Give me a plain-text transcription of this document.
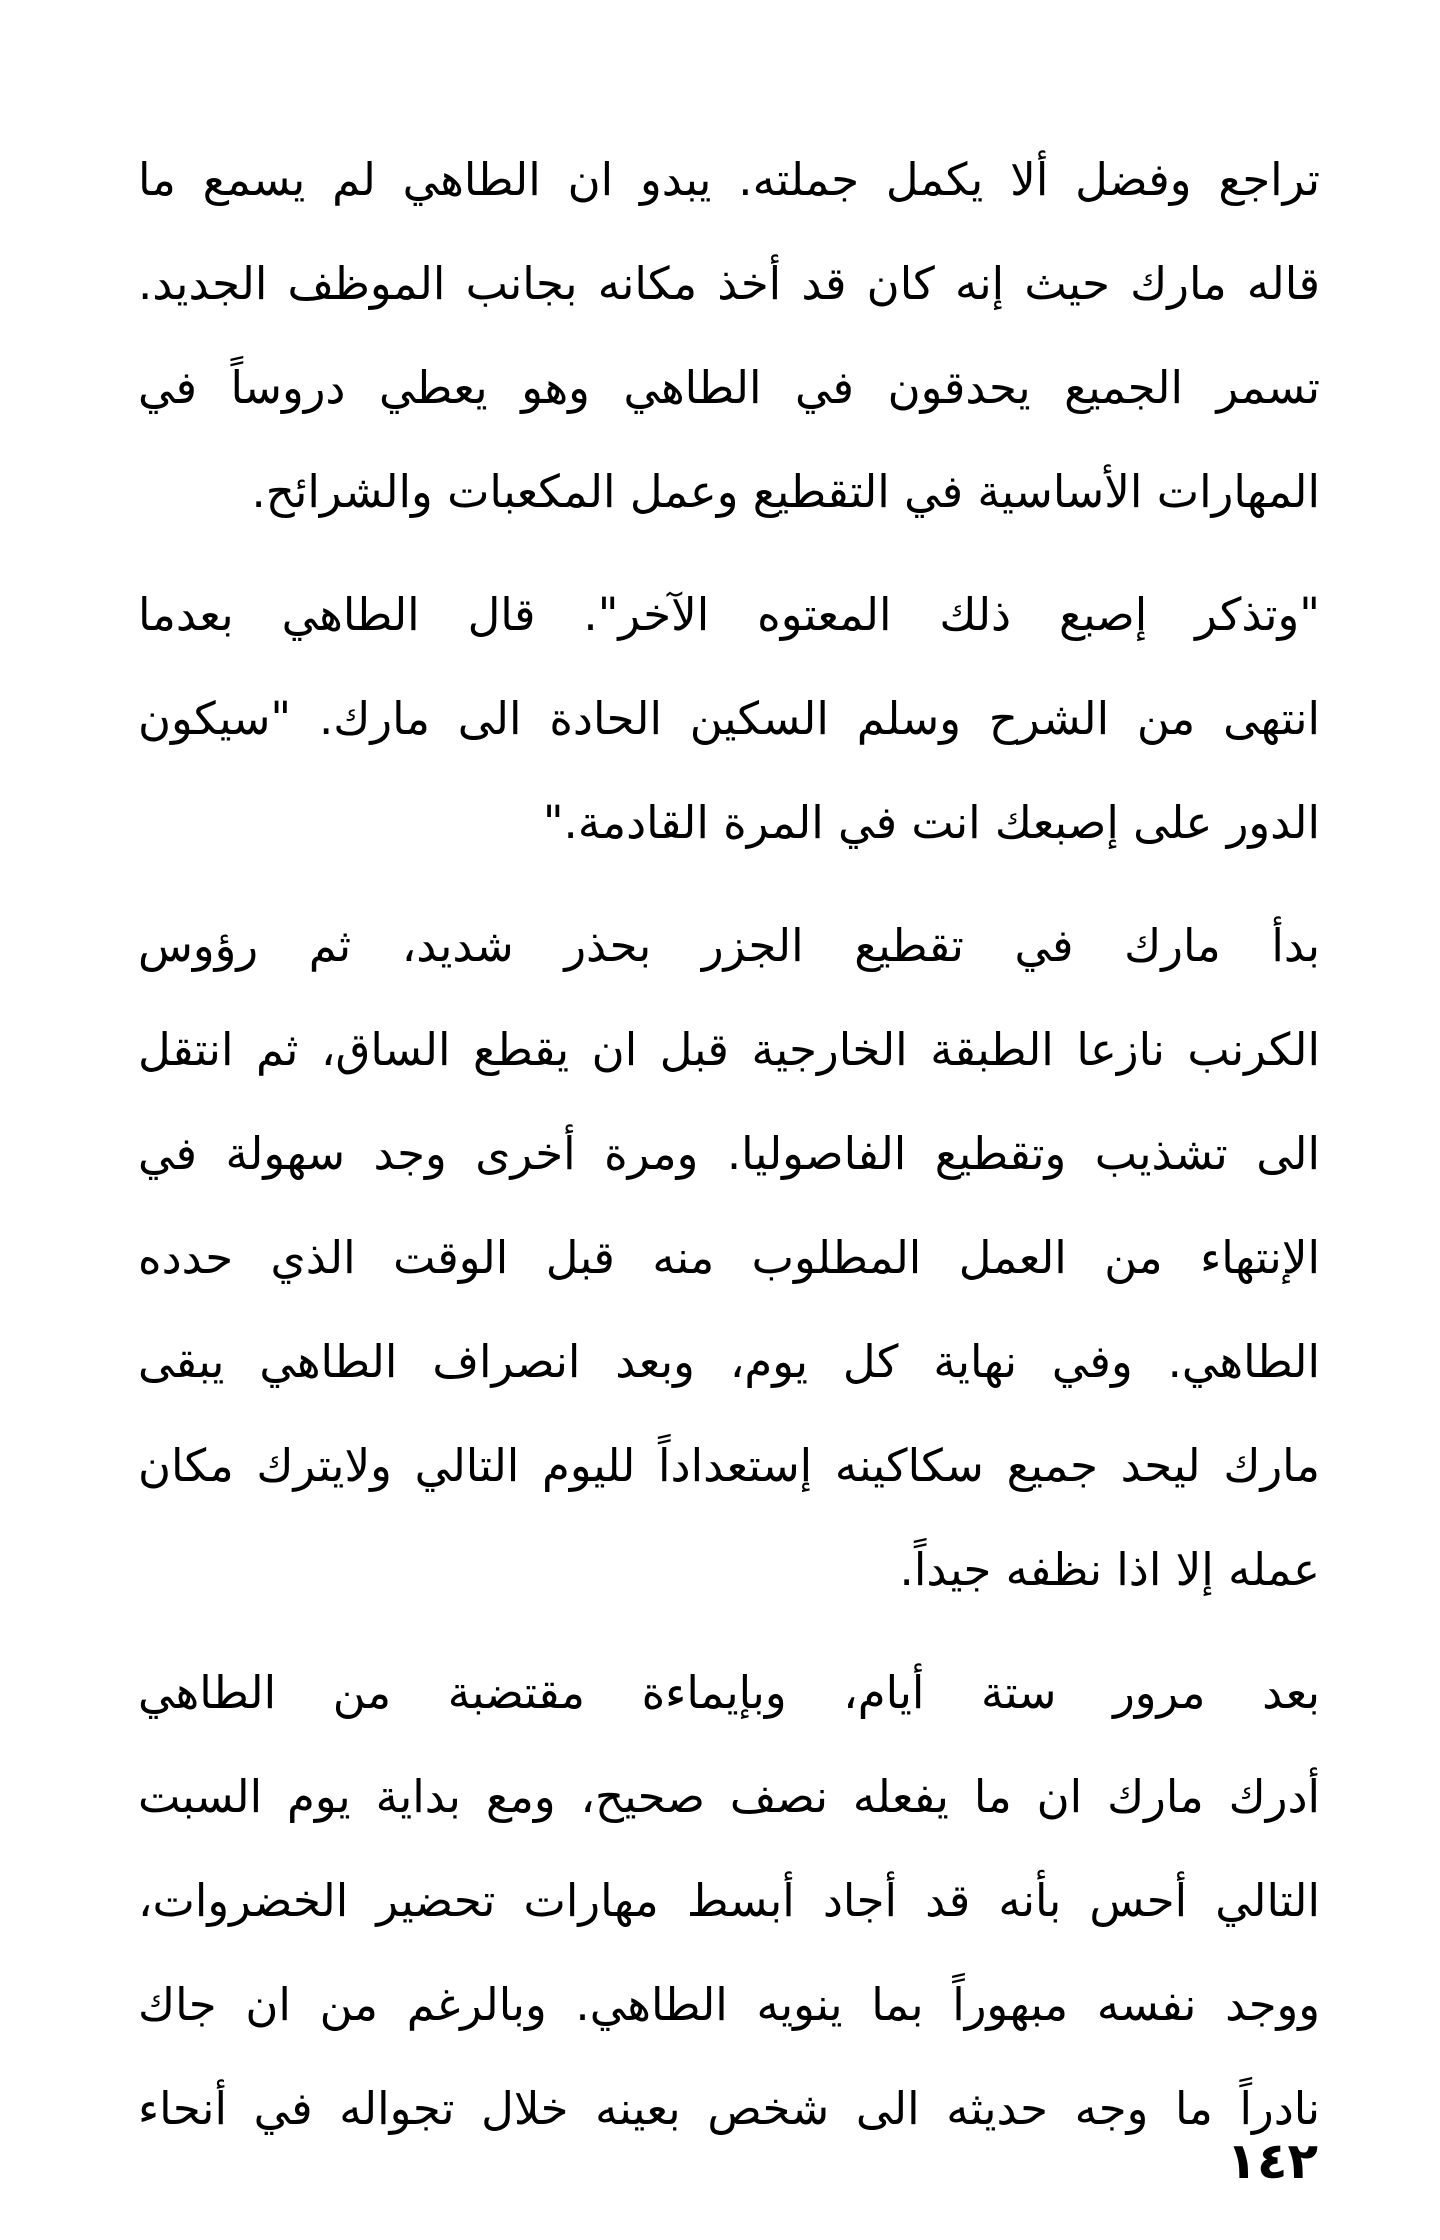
تراجع وفضل ألا يكمل جملته. يبدو ان الطاهي لم يسمع ما
قاله مارك حيث إنه كان قد أخذ مكانه بجانب الموظف الجديد.
تسمر الجميع يحدقون في الطاهي وهو يعطي دروساً في
المهارات الأساسية في التقطيع وعمل المكعبات والشرائح.
"وتذكر إصبع ذلك المعتوه الآخر". قال الطاهي بعدما
انتهى من الشرح وسلم السكين الحادة الى مارك. "سيكون
الدور على إصبعك انت في المرة القادمة."
بدأ مارك في تقطيع الجزر بحذر شديد، ثم رؤوس
الكرنب نازعا الطبقة الخارجية قبل ان يقطع الساق، ثم انتقل
الى تشذيب وتقطيع الفاصوليا. ومرة أخرى وجد سهولة في
الإنتهاء من العمل المطلوب منه قبل الوقت الذي حدده
الطاهي. وفي نهاية كل يوم، وبعد انصراف الطاهي يبقى
مارك ليحد جميع سكاكينه إستعداداً لليوم التالي ولايترك مكان
عمله إلا اذا نظفه جيداً.
بعد مرور ستة أيام، وبإيماءة مقتضبة من الطاهي
أدرك مارك ان ما يفعله نصف صحيح، ومع بداية يوم السبت
التالي أحس بأنه قد أجاد أبسط مهارات تحضير الخضروات،
ووجد نفسه مبهوراً بما ينويه الطاهي. وبالرغم من ان جاك
نادراً ما وجه حديثه الى شخص بعينه خلال تجواله في أنحاء
١٤٢
